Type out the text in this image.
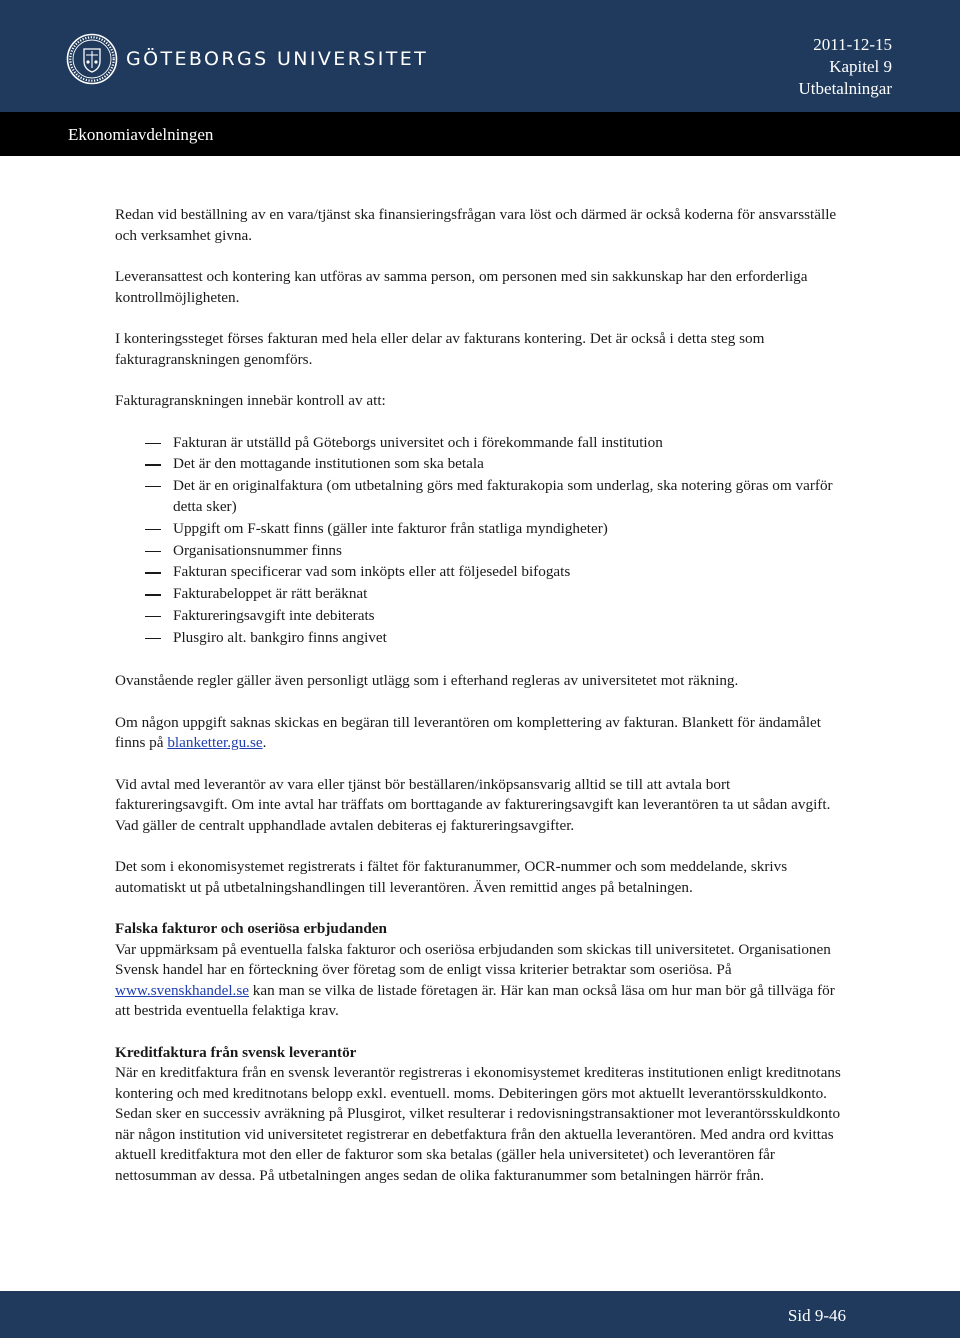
GÖTEBORGS UNIVERSITET
2011-12-15
Kapitel 9
Utbetalningar
Ekonomiavdelningen

Redan vid beställning av en vara/tjänst ska finansieringsfrågan vara löst och därmed är också koderna för ansvarsställe och verksamhet givna.

Leveransattest och kontering kan utföras av samma person, om personen med sin sakkunskap har den erforderliga kontrollmöjligheten.

I konteringssteget förses fakturan med hela eller delar av fakturans kontering. Det är också i detta steg som fakturagranskningen genomförs.

Fakturagranskningen innebär kontroll av att:

Fakturan är utställd på Göteborgs universitet och i förekommande fall institution
Det är den mottagande institutionen som ska betala
Det är en originalfaktura (om utbetalning görs med fakturakopia som underlag, ska notering göras om varför detta sker)
Uppgift om F-skatt finns (gäller inte fakturor från statliga myndigheter)
Organisationsnummer finns
Fakturan specificerar vad som inköpts eller att följesedel bifogats
Fakturabeloppet är rätt beräknat
Faktureringsavgift inte debiterats
Plusgiro alt. bankgiro finns angivet

Ovanstående regler gäller även personligt utlägg som i efterhand regleras av universitetet mot räkning.

Om någon uppgift saknas skickas en begäran till leverantören om komplettering av fakturan. Blankett för ändamålet finns på blanketter.gu.se.

Vid avtal med leverantör av vara eller tjänst bör beställaren/inköpsansvarig alltid se till att avtala bort faktureringsavgift. Om inte avtal har träffats om borttagande av faktureringsavgift kan leverantören ta ut sådan avgift. Vad gäller de centralt upphandlade avtalen debiteras ej faktureringsavgifter.

Det som i ekonomisystemet registrerats i fältet för fakturanummer, OCR-nummer och som meddelande, skrivs automatiskt ut på utbetalningshandlingen till leverantören. Även remittid anges på betalningen.

Falska fakturor och oseriösa erbjudanden

Var uppmärksam på eventuella falska fakturor och oseriösa erbjudanden som skickas till universitetet. Organisationen Svensk handel har en förteckning över företag som de enligt vissa kriterier betraktar som oseriösa. På www.svenskhandel.se kan man se vilka de listade företagen är. Här kan man också läsa om hur man bör gå tillväga för att bestrida eventuella felaktiga krav.

Kreditfaktura från svensk leverantör

När en kreditfaktura från en svensk leverantör registreras i ekonomisystemet krediteras institutionen enligt kreditnotans kontering och med kreditnotans belopp exkl. eventuell. moms. Debiteringen görs mot aktuellt leverantörsskuldkonto. Sedan sker en successiv avräkning på Plusgirot, vilket resulterar i redovisningstransaktioner mot leverantörsskuldkonto när någon institution vid universitetet registrerar en debetfaktura från den aktuella leverantören. Med andra ord kvittas aktuell kreditfaktura mot den eller de fakturor som ska betalas (gäller hela universitetet) och leverantören får nettosumman av dessa. På utbetalningen anges sedan de olika fakturanummer som betalningen härrör från.

Sid 9-46
